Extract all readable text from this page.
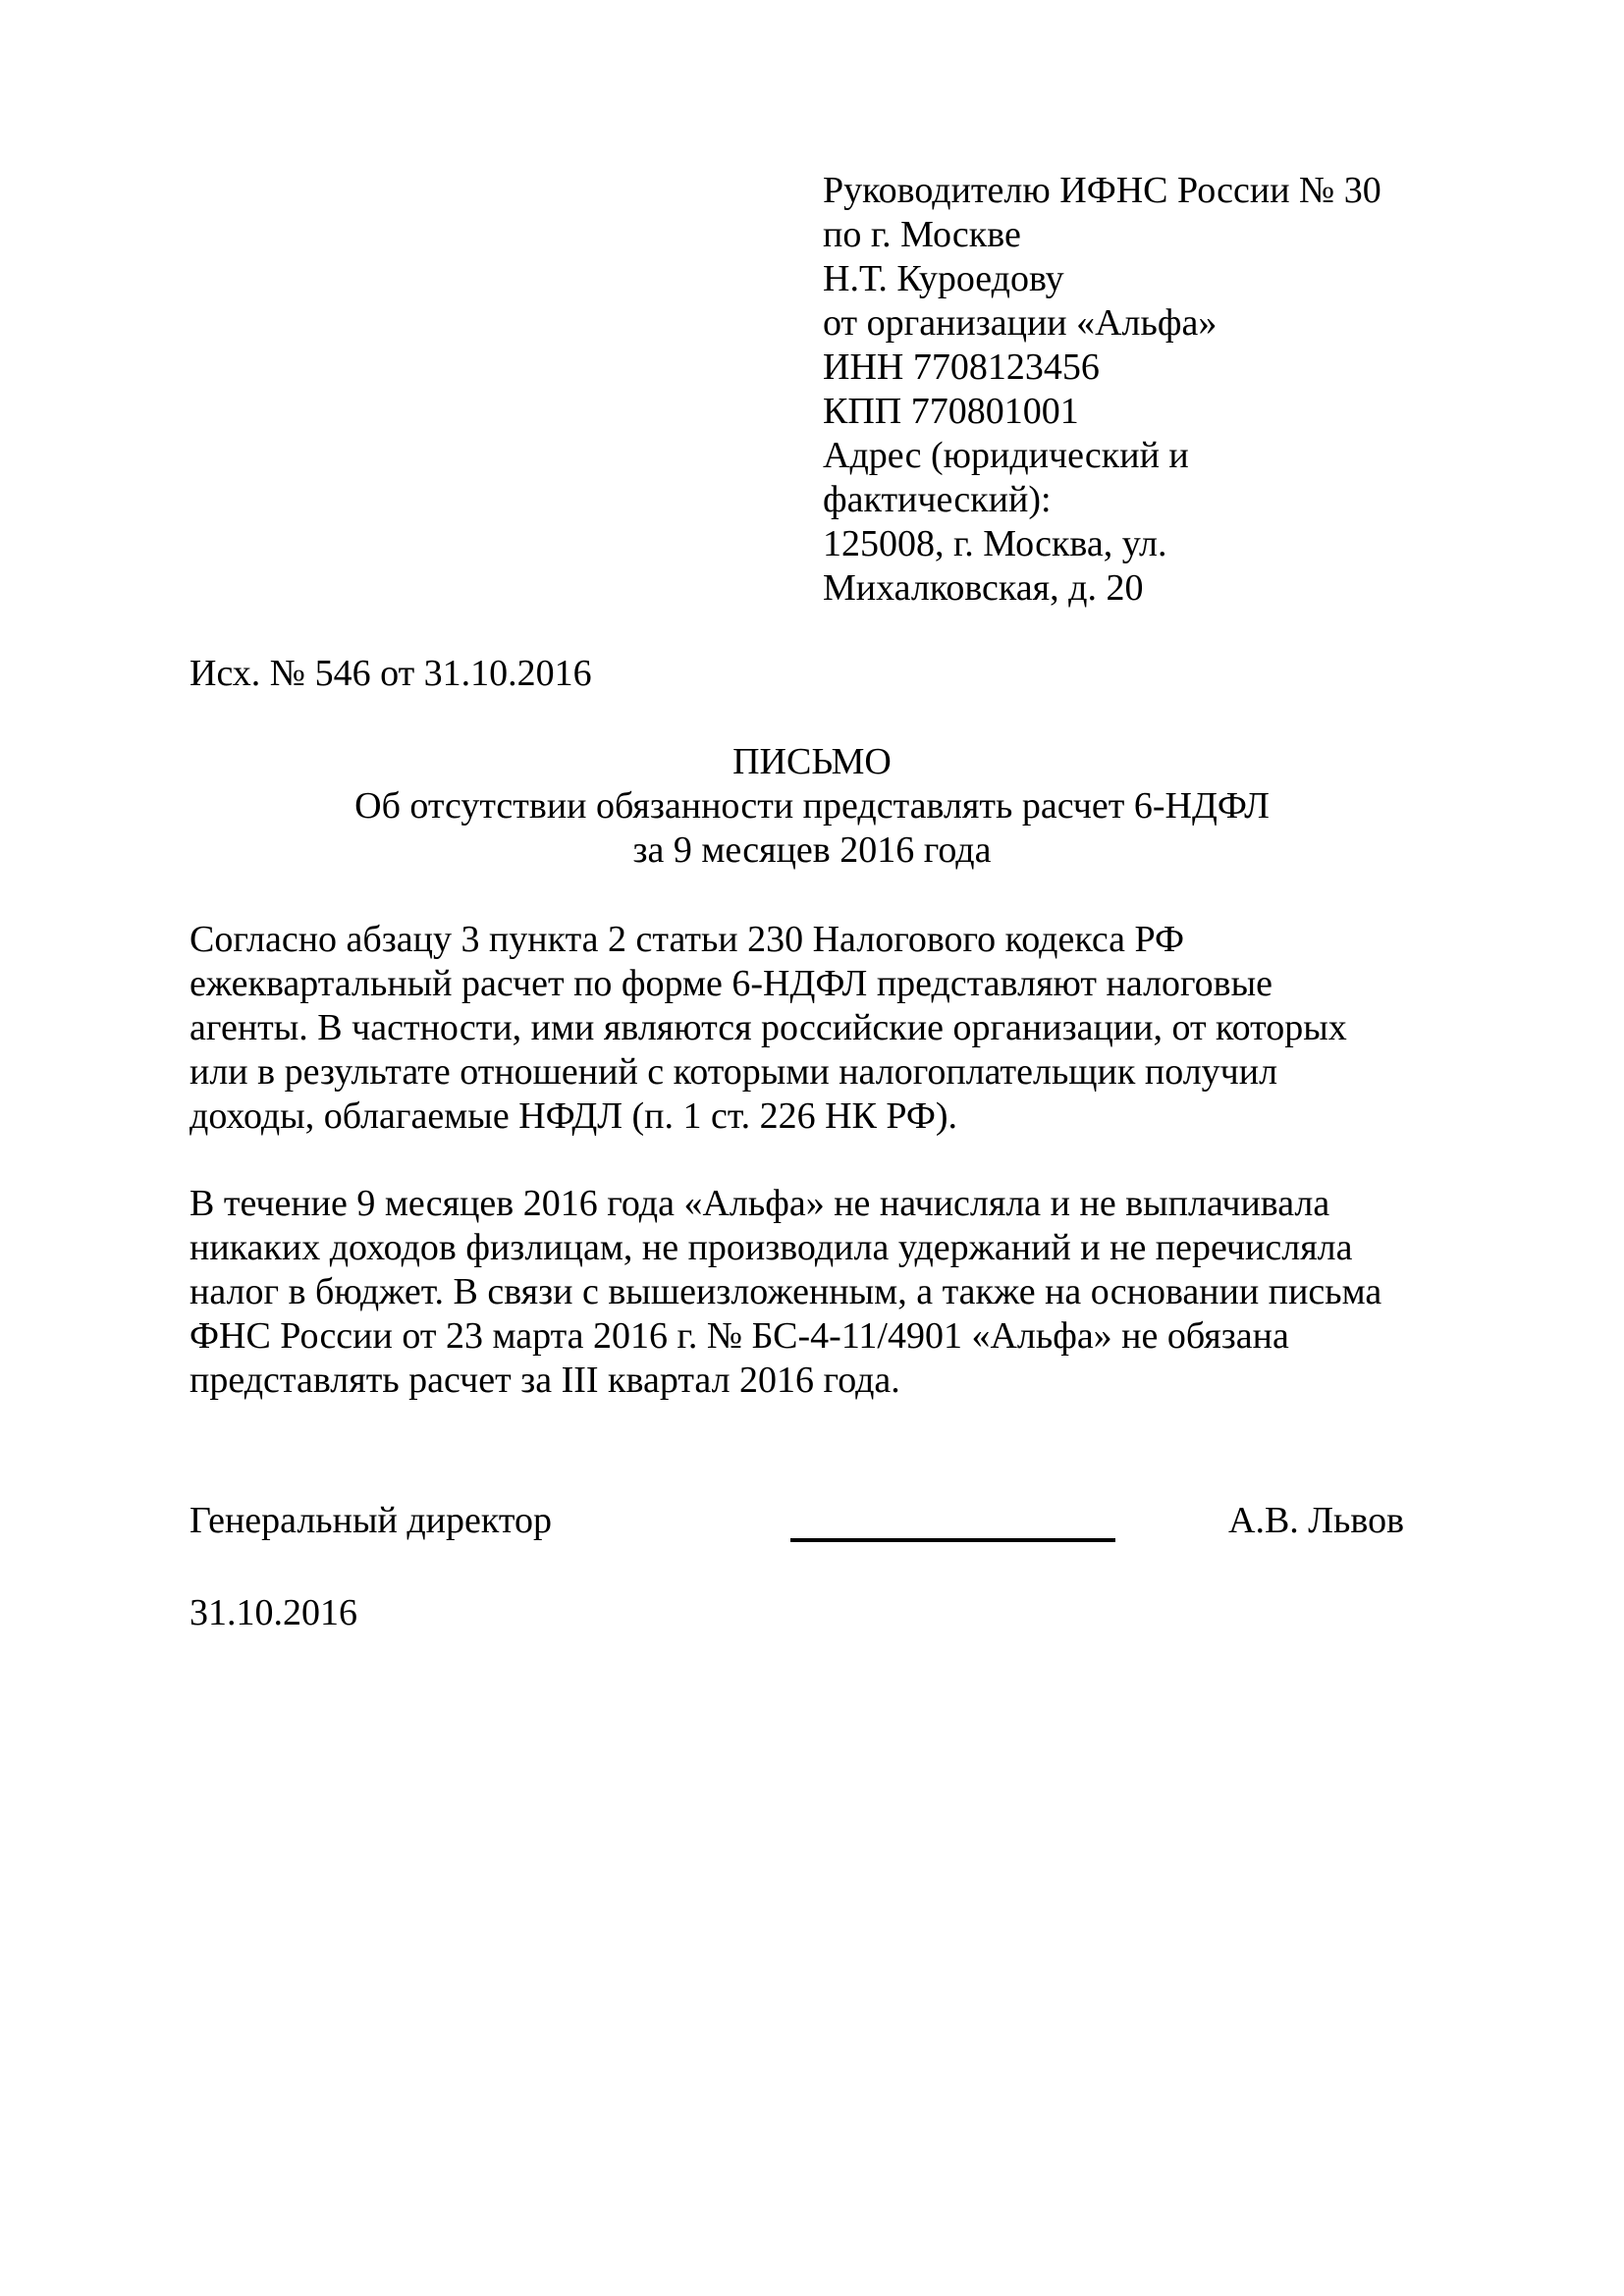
Руководителю ИФНС России № 30
по г. Москве
Н.Т. Куроедову
от организации «Альфа»
ИНН 7708123456
КПП 770801001
Адрес (юридический и
фактический):
125008, г. Москва, ул.
Михалковская, д. 20
Исх. № 546 от 31.10.2016
ПИСЬМО
Об отсутствии обязанности представлять расчет 6-НДФЛ
за 9 месяцев 2016 года
Согласно абзацу 3 пункта 2 статьи 230 Налогового кодекса РФ
ежеквартальный расчет по форме 6-НДФЛ представляют налоговые
агенты. В частности, ими являются российские организации, от которых
или в результате отношений с которыми налогоплательщик получил
доходы, облагаемые НФДЛ (п. 1 ст. 226 НК РФ).
В течение 9 месяцев 2016 года «Альфа» не начисляла и не выплачивала
никаких доходов физлицам, не производила удержаний и не перечисляла
налог в бюджет. В связи с вышеизложенным, а также на основании письма
ФНС России от 23 марта 2016 г. № БС-4-11/4901 «Альфа» не обязана
представлять расчет за III квартал 2016 года.
Генеральный директор	А.В. Львов
31.10.2016
